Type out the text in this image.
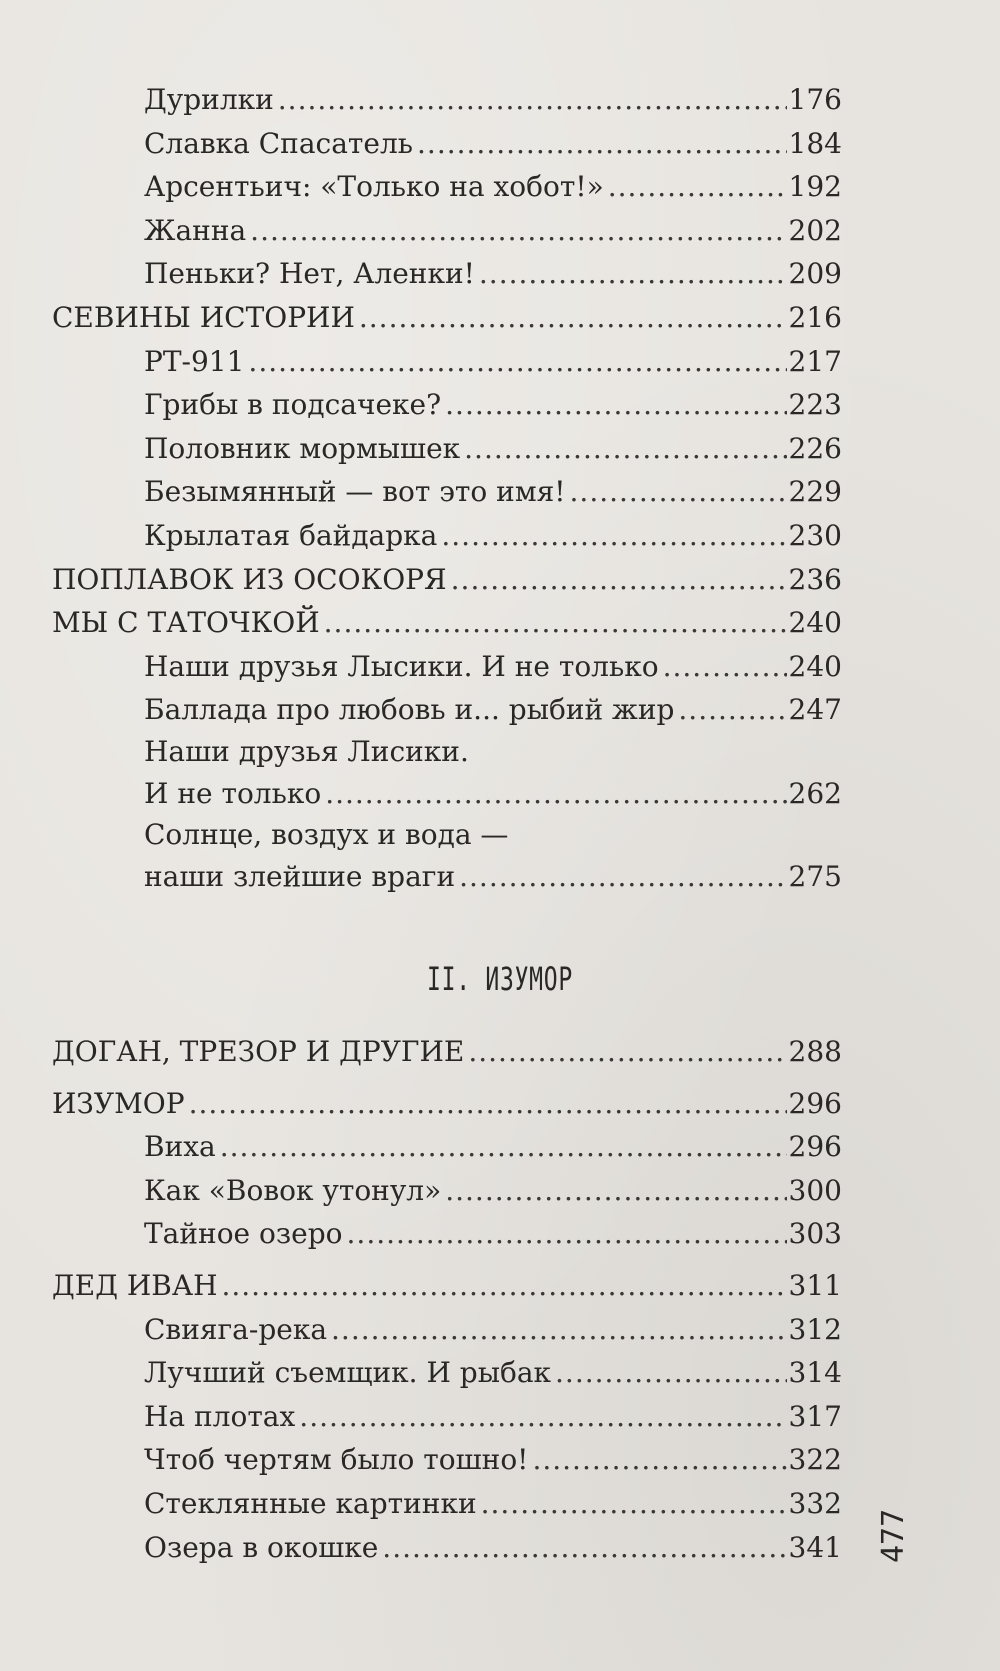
Дурилки .....	176
Славка Спасатель .....	184
Арсентьич: «Только на хобот!» .....	192
Жанна .....	202
Пеньки? Нет, Аленки! .....	209
СЕВИНЫ ИСТОРИИ .....	216
РТ-911 .....	217
Грибы в подсачеке? .....	223
Половник мормышек .....	226
Безымянный — вот это имя! .....	229
Крылатая байдарка .....	230
ПОПЛАВОК ИЗ ОСОКОРЯ .....	236
МЫ С ТАТОЧКОЙ .....	240
Наши друзья Лысики. И не только .....	240
Баллада про любовь и... рыбий жир .....	247
Наши друзья Лисики.
И не только .....	262
Солнце, воздух и вода —
наши злейшие враги .....	275
II. ИЗУМОР
ДОГАН, ТРЕЗОР И ДРУГИЕ .....	288
ИЗУМОР .....	296
Виха .....	296
Как «Вовок утонул» .....	300
Тайное озеро .....	303
ДЕД ИВАН .....	311
Свияга-река .....	312
Лучший съемщик. И рыбак .....	314
На плотах .....	317
Чтоб чертям было тошно! .....	322
Стеклянные картинки .....	332
Озера в окошке .....	341 477
